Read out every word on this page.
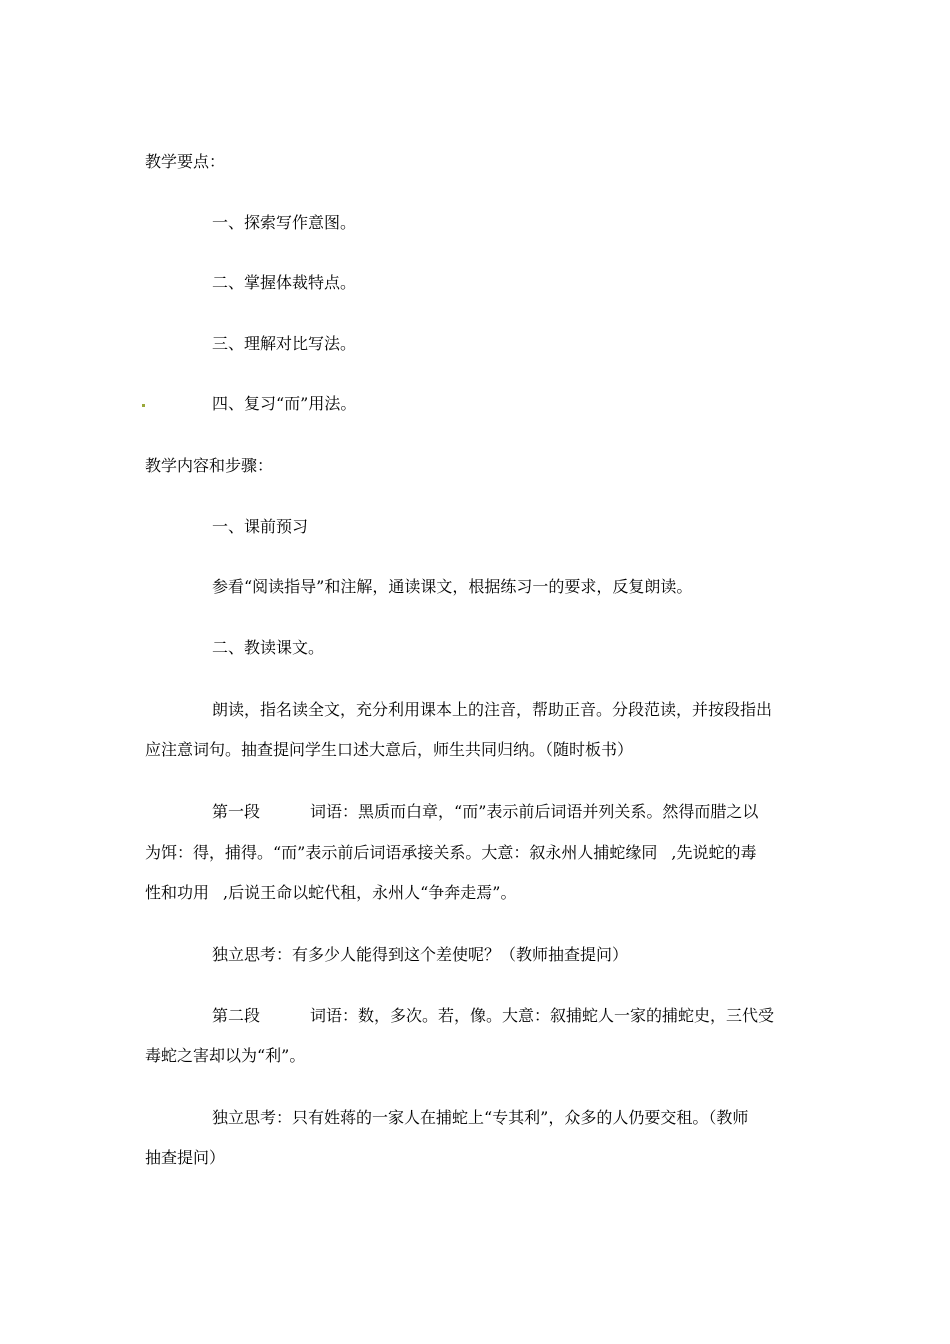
教学要点：
一、探索写作意图。
二、掌握体裁特点。
三、理解对比写法。
四、复习“而”用法。
教学内容和步骤：
一、课前预习
参看“阅读指导”和注解，通读课文，根据练习一的要求，反复朗读。
二、教读课文。
朗读，指名读全文，充分利用课本上的注音，帮助正音。分段范读，并按段指出
应注意词句。抽查提问学生口述大意后，师生共同归纳。（随时板书）
第一段	词语：黑质而白章，“而”表示前后词语并列关系。然得而腊之以
为饵：得，捕得。“而”表示前后词语承接关系。大意：叙永州人捕蛇缘同 ,先说蛇的毒
性和功用 ,后说王命以蛇代租，永州人“争奔走焉”。
独立思考：有多少人能得到这个差使呢？（教师抽查提问）
第二段	词语：数，多次。若，像。大意：叙捕蛇人一家的捕蛇史，三代受
毒蛇之害却以为“利”。
独立思考：只有姓蒋的一家人在捕蛇上“专其利”，众多的人仍要交租。（教师
抽查提问）
